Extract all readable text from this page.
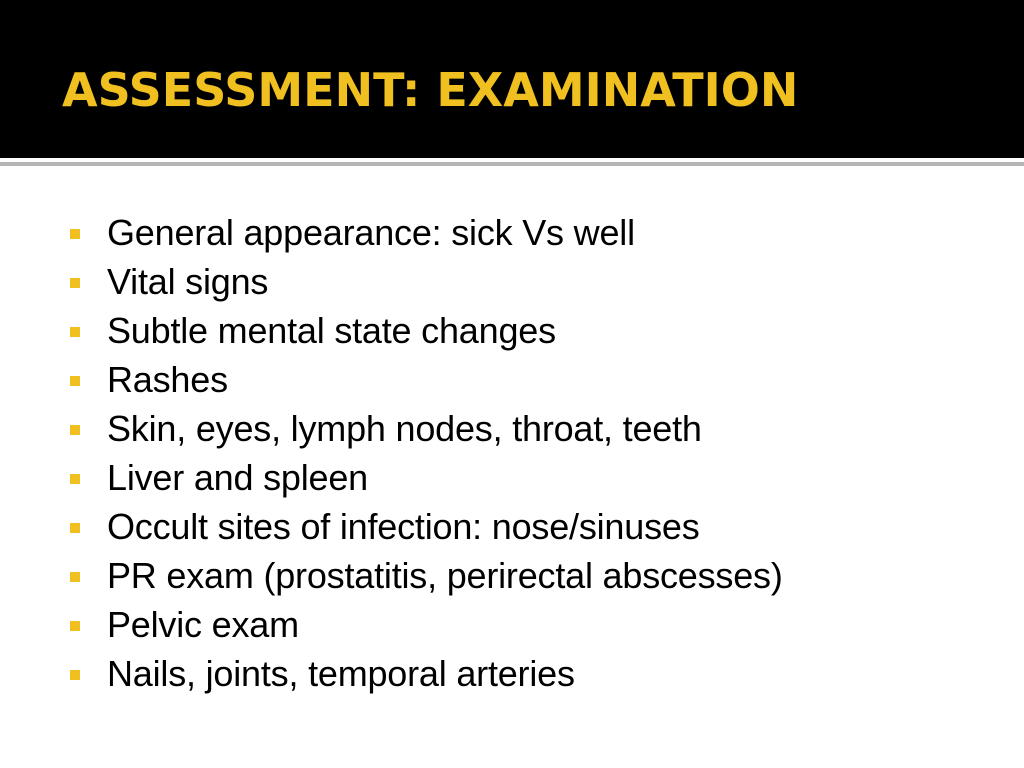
ASSESSMENT: EXAMINATION
General appearance: sick Vs well
Vital signs
Subtle mental state changes
Rashes
Skin, eyes, lymph nodes, throat, teeth
Liver and spleen
Occult sites of infection: nose/sinuses
PR exam (prostatitis, perirectal abscesses)
Pelvic exam
Nails, joints, temporal arteries
